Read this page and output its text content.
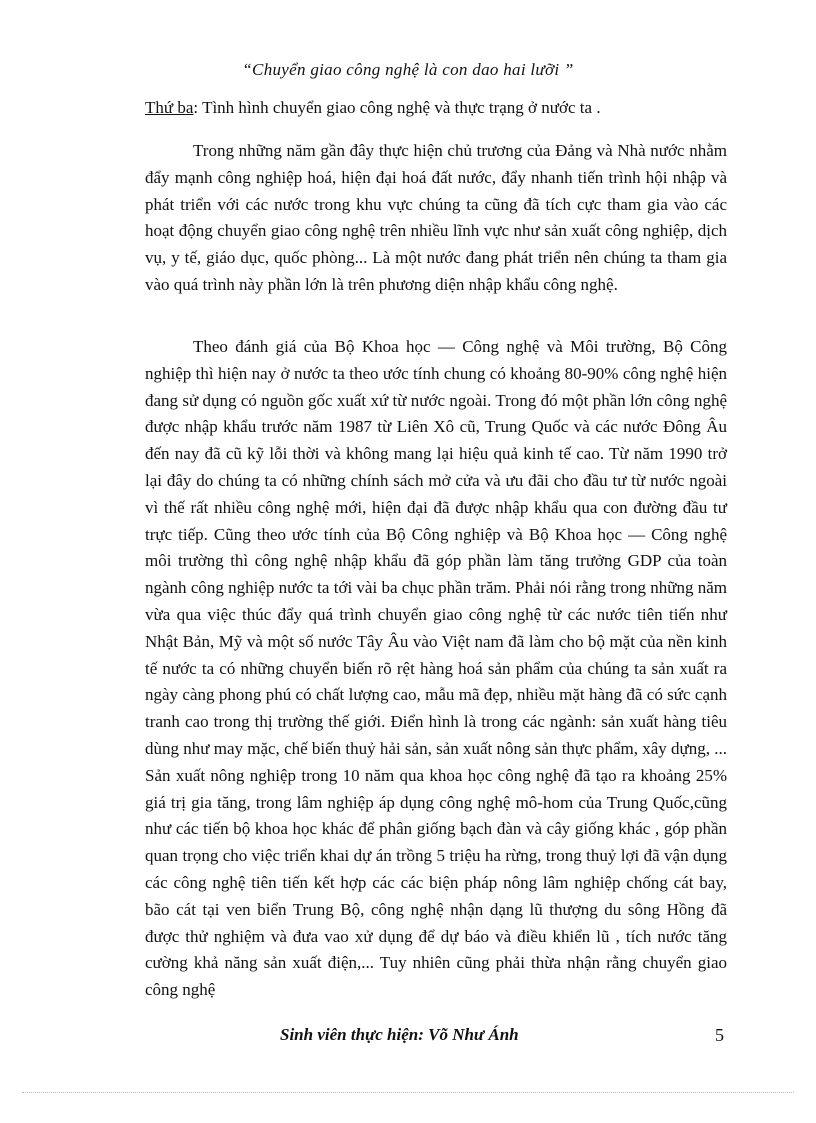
“Chuyển giao công nghệ là con dao hai lưỡi ”
Thứ ba: Tình hình chuyển giao công nghệ và thực trạng ở nước ta .

Trong những năm gần đây thực hiện chủ trương của Đảng và Nhà nước nhằm đẩy mạnh công nghiệp hoá, hiện đại hoá đất nước, đẩy nhanh tiến trình hội nhập và phát triển với các nước trong khu vực chúng ta cũng đã tích cực tham gia vào các hoạt động chuyển giao công nghệ trên nhiều lĩnh vực như sản xuất công nghiệp, dịch vụ, y tế, giáo dục, quốc phòng... Là một nước đang phát triển nên chúng ta tham gia vào quá trình này phần lớn là trên phương diện nhập khẩu công nghệ.

Theo đánh giá của Bộ Khoa học — Công nghệ và Môi trường, Bộ Công nghiệp thì hiện nay ở nước ta theo ước tính chung có khoảng 80-90% công nghệ hiện đang sử dụng có nguồn gốc xuất xứ từ nước ngoài. Trong đó một phần lớn công nghệ được nhập khẩu trước năm 1987 từ Liên Xô cũ, Trung Quốc và các nước Đông Âu đến nay đã cũ kỹ lỗi thời và không mang lại hiệu quả kinh tế cao. Từ năm 1990 trở lại đây do chúng ta có những chính sách mở cửa và ưu đãi cho đầu tư từ nước ngoài vì thế rất nhiều công nghệ mới, hiện đại đã được nhập khẩu qua con đường đầu tư trực tiếp. Cũng theo ước tính của Bộ Công nghiệp và Bộ Khoa học — Công nghệ môi trường thì công nghệ nhập khẩu đã góp phần làm tăng trưởng GDP của toàn ngành công nghiệp nước ta tới vài ba chục phần trăm. Phải nói rằng trong những năm vừa qua việc thúc đẩy quá trình chuyển giao công nghệ từ các nước tiên tiến như Nhật Bản, Mỹ và một số nước Tây Âu vào Việt nam đã làm cho bộ mặt của nền kinh tế nước ta có những chuyển biến rõ rệt hàng hoá sản phẩm của chúng ta sản xuất ra ngày càng phong phú có chất lượng cao, mẫu mã đẹp, nhiều mặt hàng đã có sức cạnh tranh cao trong thị trường thế giới. Điển hình là trong các ngành: sản xuất hàng tiêu dùng như may mặc, chế biến thuỷ hải sản, sản xuất nông sản thực phẩm, xây dựng, ... Sản xuất nông nghiệp trong 10 năm qua khoa học công nghệ đã tạo ra khoảng 25% giá trị gia tăng, trong lâm nghiệp áp dụng công nghệ mô-hom của Trung Quốc,cũng như các tiến bộ khoa học khác để phân giống bạch đàn và cây giống khác , góp phần quan trọng cho việc triển khai dự án trồng 5 triệu ha rừng, trong thuỷ lợi đã vận dụng các công nghệ tiên tiến kết hợp các các biện pháp nông lâm nghiệp chống cát bay, bão cát tại ven biển Trung Bộ, công nghệ nhận dạng lũ thượng du sông Hồng đã được thử nghiệm và đưa vao xử dụng để dự báo và điều khiển lũ , tích nước tăng cường khả năng sản xuất điện,... Tuy nhiên cũng phải thừa nhận rằng chuyển giao công nghệ

Sinh viên thực hiện: Võ Như Ánh	5
